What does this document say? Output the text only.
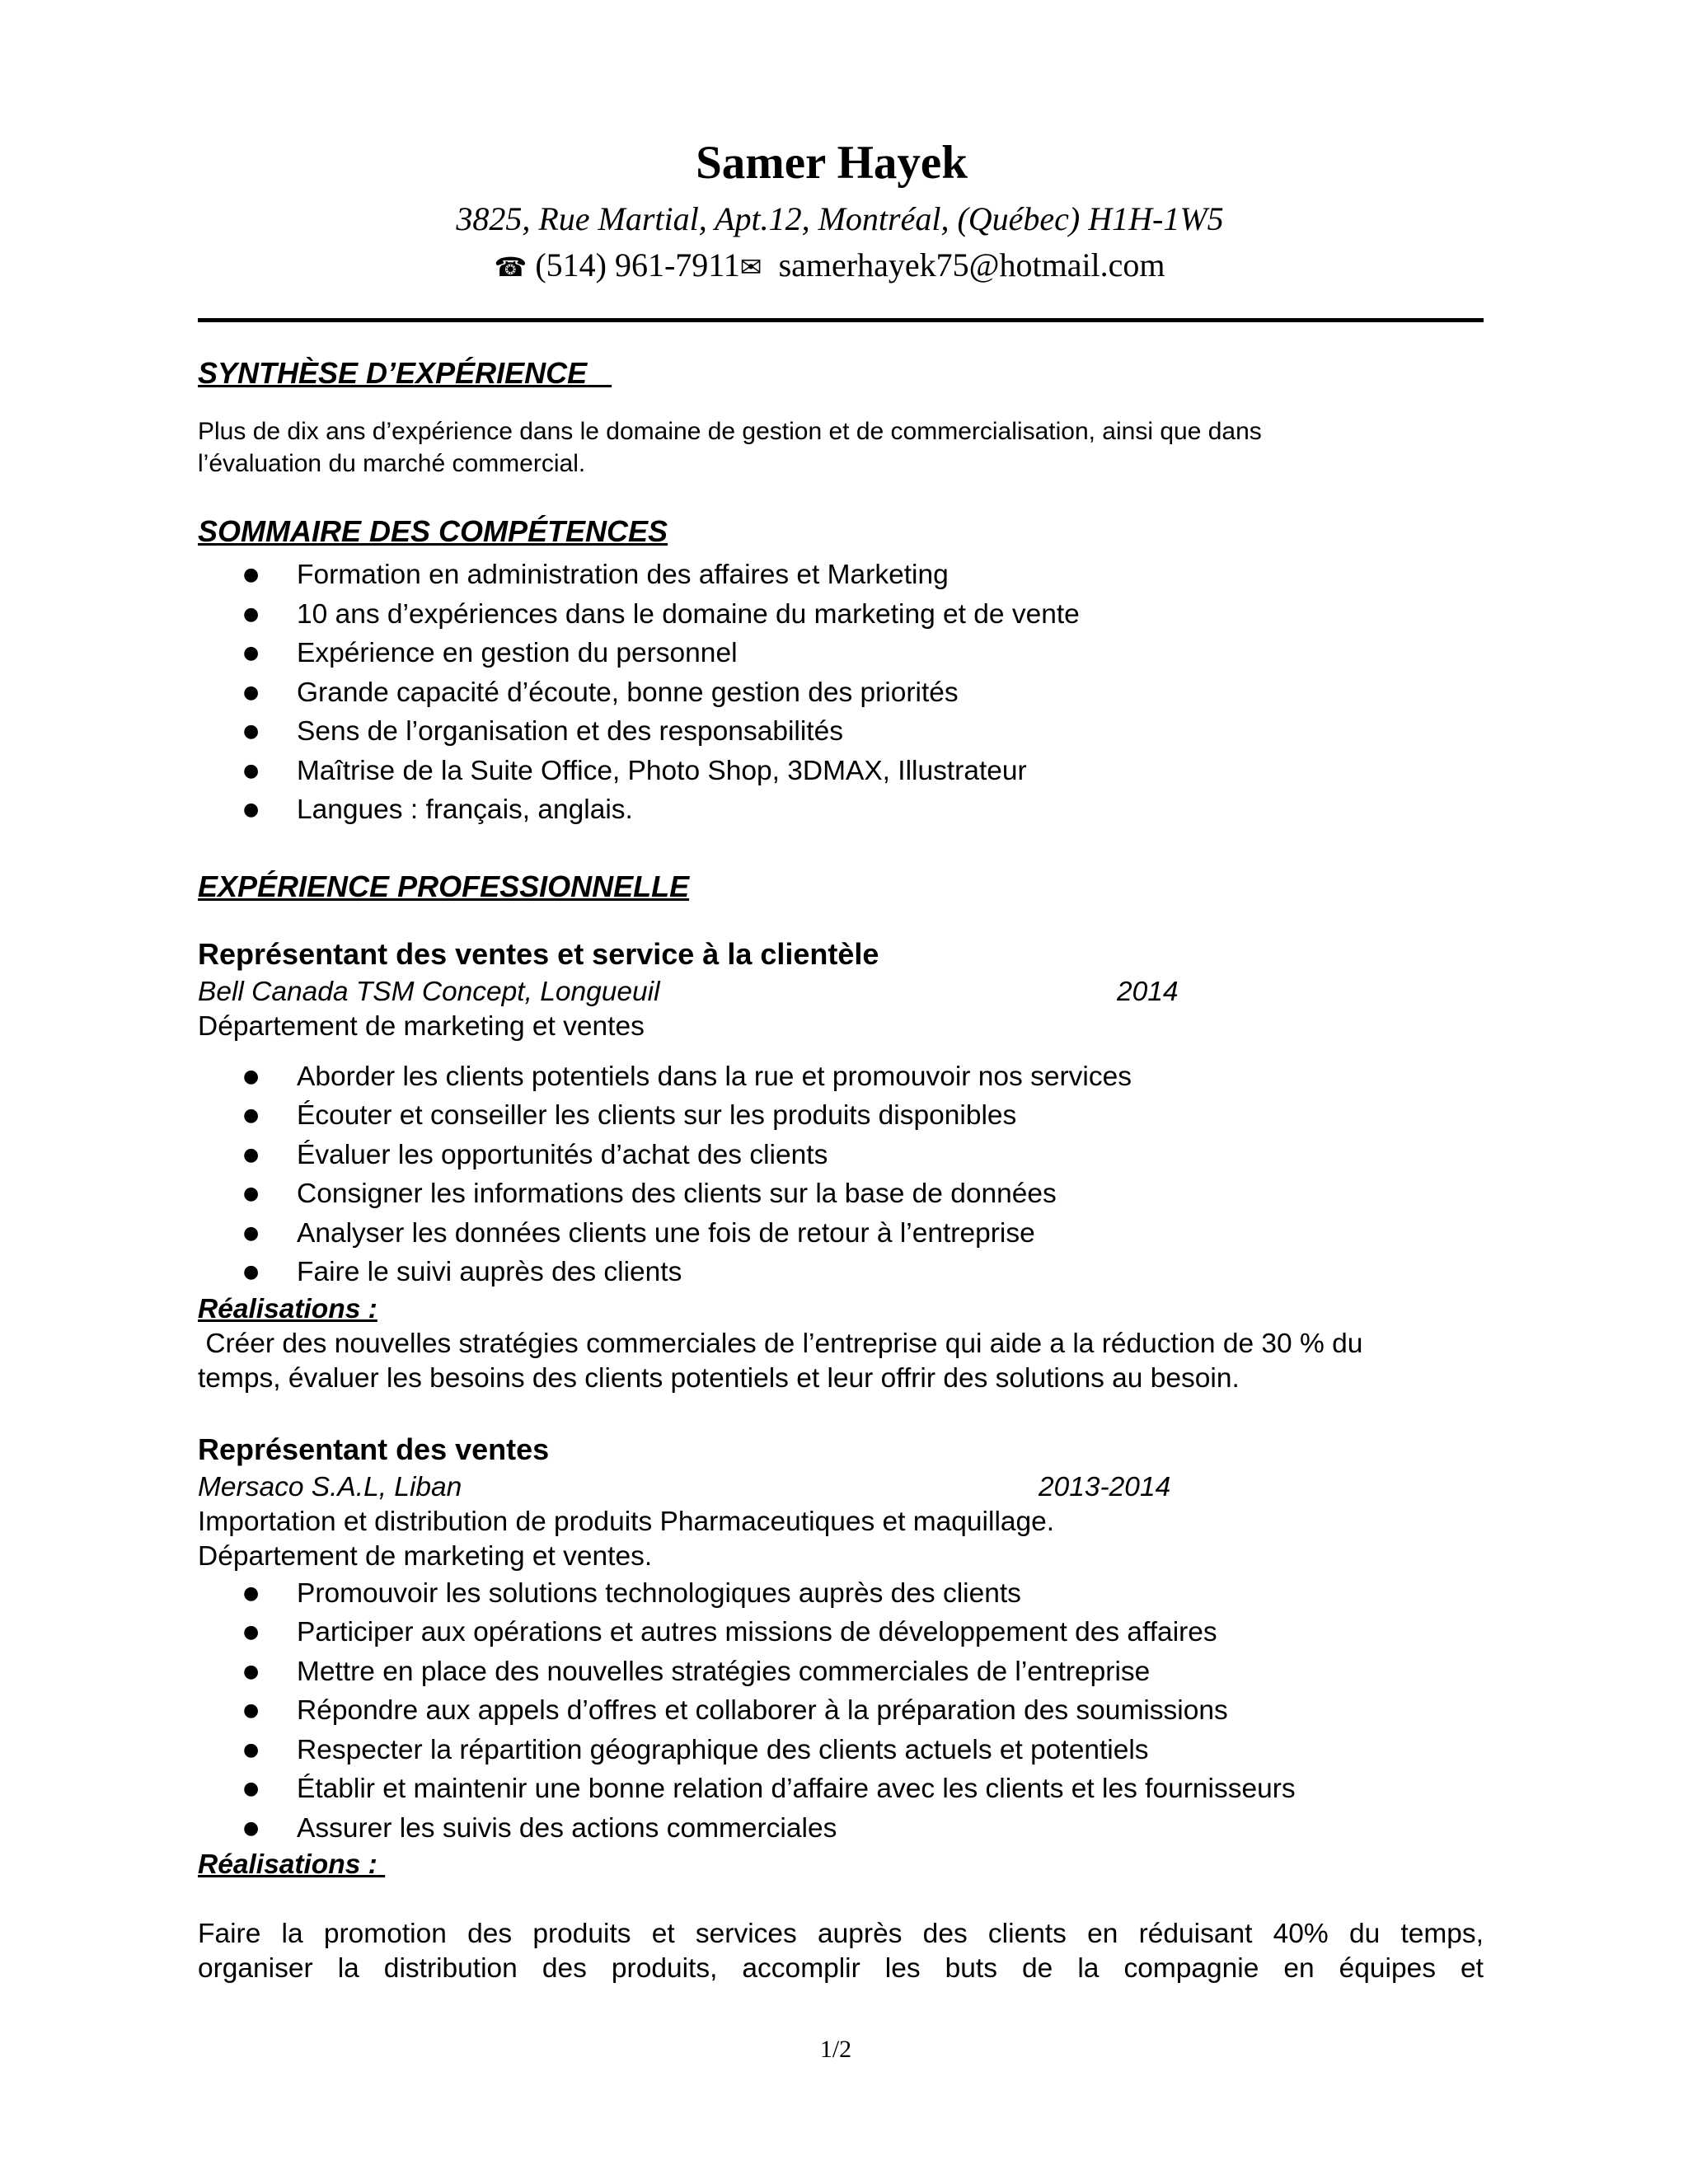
Samer Hayek
3825, Rue Martial, Apt.12, Montréal, (Québec) H1H-1W5
☎ (514) 961-7911✉ samerhayek75@hotmail.com
SYNTHÈSE D’EXPÉRIENCE
Plus de dix ans d’expérience dans le domaine de gestion et de commercialisation, ainsi que dans
l’évaluation du marché commercial.
SOMMAIRE DES COMPÉTENCES
● Formation en administration des affaires et Marketing
● 10 ans d’expériences dans le domaine du marketing et de vente
● Expérience en gestion du personnel
● Grande capacité d’écoute, bonne gestion des priorités
● Sens de l’organisation et des responsabilités
● Maîtrise de la Suite Office, Photo Shop, 3DMAX, Illustrateur
● Langues : français, anglais.
EXPÉRIENCE PROFESSIONNELLE
Représentant des ventes et service à la clientèle
Bell Canada TSM Concept, Longueuil	2014
Département de marketing et ventes
● Aborder les clients potentiels dans la rue et promouvoir nos services
● Écouter et conseiller les clients sur les produits disponibles
● Évaluer les opportunités d’achat des clients
● Consigner les informations des clients sur la base de données
● Analyser les données clients une fois de retour à l’entreprise
● Faire le suivi auprès des clients
Réalisations :
Créer des nouvelles stratégies commerciales de l’entreprise qui aide a la réduction de 30 % du
temps, évaluer les besoins des clients potentiels et leur offrir des solutions au besoin.
Représentant des ventes
Mersaco S.A.L, Liban	2013-2014
Importation et distribution de produits Pharmaceutiques et maquillage.
Département de marketing et ventes.
● Promouvoir les solutions technologiques auprès des clients
● Participer aux opérations et autres missions de développement des affaires
● Mettre en place des nouvelles stratégies commerciales de l’entreprise
● Répondre aux appels d’offres et collaborer à la préparation des soumissions
● Respecter la répartition géographique des clients actuels et potentiels
● Établir et maintenir une bonne relation d’affaire avec les clients et les fournisseurs
● Assurer les suivis des actions commerciales
Réalisations :
Faire la promotion des produits et services auprès des clients en réduisant 40% du temps,
organiser la distribution des produits, accomplir les buts de la compagnie en équipes et
1/2
